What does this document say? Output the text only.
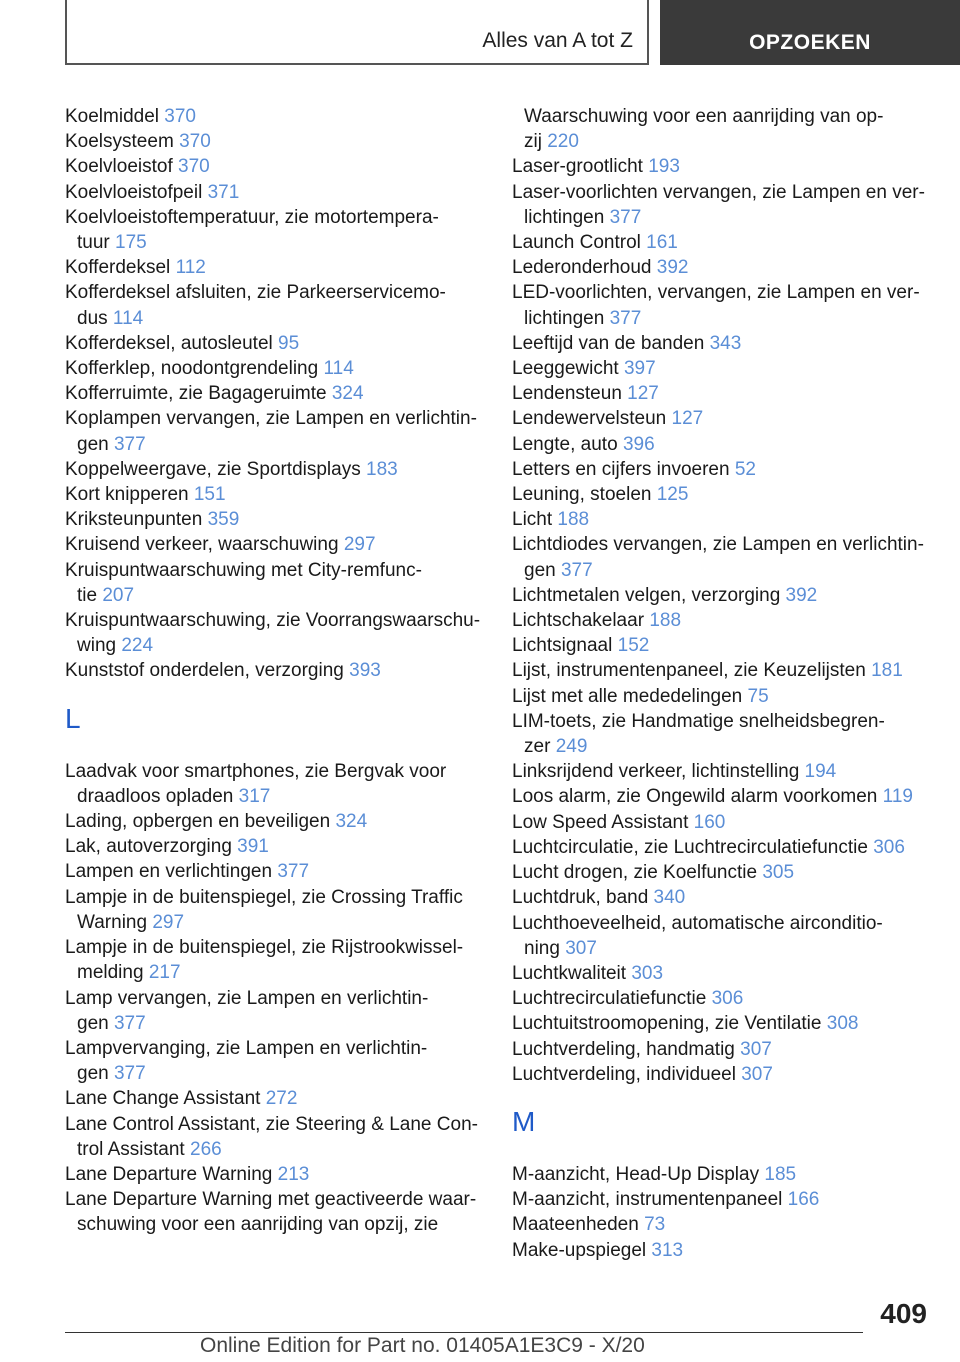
Alles van A tot Z	OPZOEKEN
Koelmiddel 370
Koelsysteem 370
Koelvloeistof 370
Koelvloeistofpeil 371
Koelvloeistoftemperatuur, zie motortempera-
tuur 175
Kofferdeksel 112
Kofferdeksel afsluiten, zie Parkeerservicemo-
dus 114
Kofferdeksel, autosleutel 95
Kofferklep, noodontgrendeling 114
Kofferruimte, zie Bagageruimte 324
Koplampen vervangen, zie Lampen en verlichtin-
gen 377
Koppelweergave, zie Sportdisplays 183
Kort knipperen 151
Kriksteunpunten 359
Kruisend verkeer, waarschuwing 297
Kruispuntwaarschuwing met City-remfunc-
tie 207
Kruispuntwaarschuwing, zie Voorrangswaarschu-
wing 224
Kunststof onderdelen, verzorging 393
L
Laadvak voor smartphones, zie Bergvak voor
draadloos opladen 317
Lading, opbergen en beveiligen 324
Lak, autoverzorging 391
Lampen en verlichtingen 377
Lampje in de buitenspiegel, zie Crossing Traffic
Warning 297
Lampje in de buitenspiegel, zie Rijstrookwissel-
melding 217
Lamp vervangen, zie Lampen en verlichtin-
gen 377
Lampvervanging, zie Lampen en verlichtin-
gen 377
Lane Change Assistant 272
Lane Control Assistant, zie Steering & Lane Con-
trol Assistant 266
Lane Departure Warning 213
Lane Departure Warning met geactiveerde waar-
schuwing voor een aanrijding van opzij, zie
Waarschuwing voor een aanrijding van op-
zij 220
Laser-grootlicht 193
Laser-voorlichten vervangen, zie Lampen en ver-
lichtingen 377
Launch Control 161
Lederonderhoud 392
LED-voorlichten, vervangen, zie Lampen en ver-
lichtingen 377
Leeftijd van de banden 343
Leeggewicht 397
Lendensteun 127
Lendewervelsteun 127
Lengte, auto 396
Letters en cijfers invoeren 52
Leuning, stoelen 125
Licht 188
Lichtdiodes vervangen, zie Lampen en verlichtin-
gen 377
Lichtmetalen velgen, verzorging 392
Lichtschakelaar 188
Lichtsignaal 152
Lijst, instrumentenpaneel, zie Keuzelijsten 181
Lijst met alle mededelingen 75
LIM-toets, zie Handmatige snelheidsbegren-
zer 249
Linksrijdend verkeer, lichtinstelling 194
Loos alarm, zie Ongewild alarm voorkomen 119
Low Speed Assistant 160
Luchtcirculatie, zie Luchtrecirculatiefunctie 306
Lucht drogen, zie Koelfunctie 305
Luchtdruk, band 340
Luchthoeveelheid, automatische airconditio-
ning 307
Luchtkwaliteit 303
Luchtrecirculatiefunctie 306
Luchtuitstroomopening, zie Ventilatie 308
Luchtverdeling, handmatig 307
Luchtverdeling, individueel 307
M
M-aanzicht, Head-Up Display 185
M-aanzicht, instrumentenpaneel 166
Maateenheden 73
Make-upspiegel 313
409
Online Edition for Part no. 01405A1E3C9 - X/20
